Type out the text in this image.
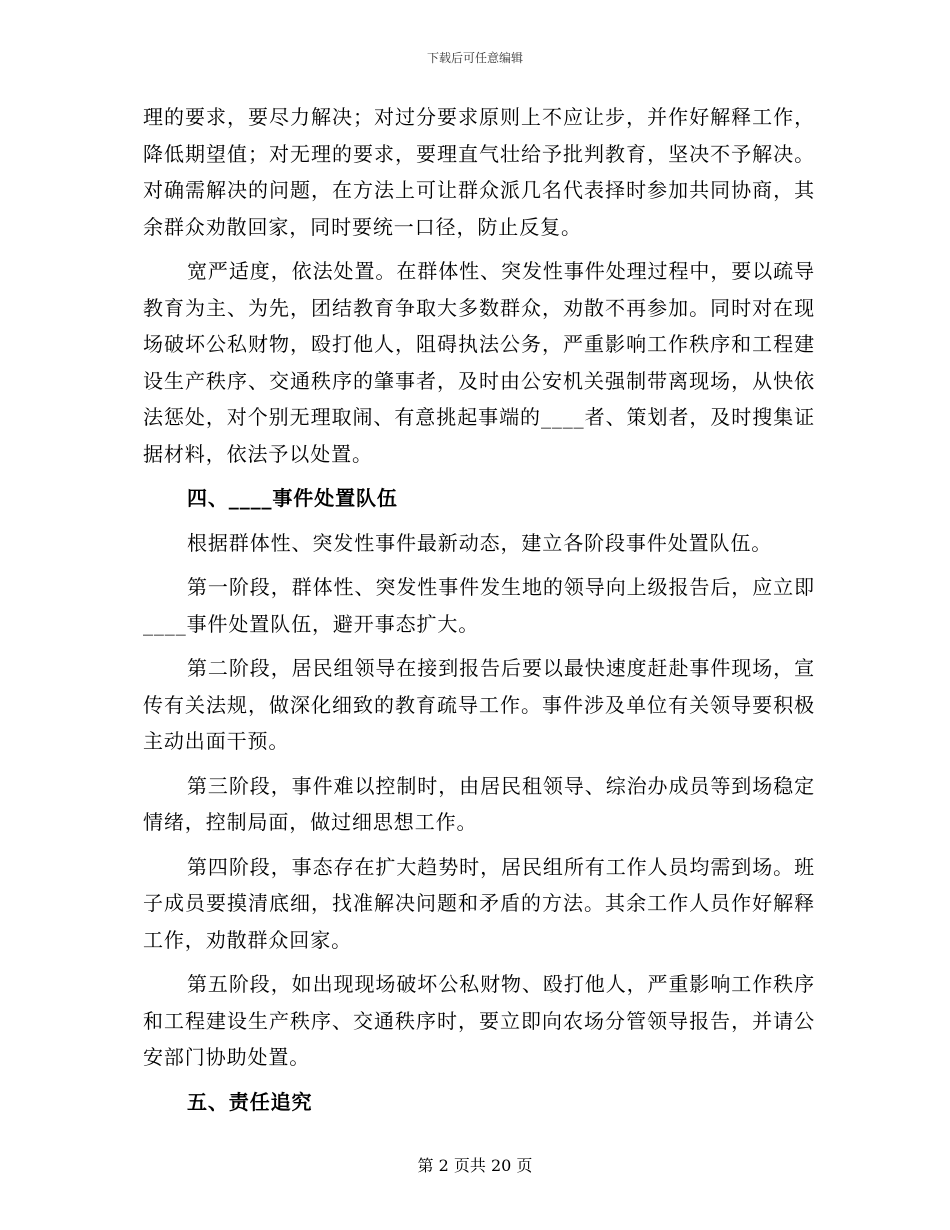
下载后可任意编辑

理的要求，要尽力解决；对过分要求原则上不应让步，并作好解释工作，降低期望值；对无理的要求，要理直气壮给予批判教育，坚决不予解决。对确需解决的问题，在方法上可让群众派几名代表择时参加共同协商，其余群众劝散回家，同时要统一口径，防止反复。

宽严适度，依法处置。在群体性、突发性事件处理过程中，要以疏导教育为主、为先，团结教育争取大多数群众，劝散不再参加。同时对在现场破坏公私财物，殴打他人，阻碍执法公务，严重影响工作秩序和工程建设生产秩序、交通秩序的肇事者，及时由公安机关强制带离现场，从快依法惩处，对个别无理取闹、有意挑起事端的____者、策划者，及时搜集证据材料，依法予以处置。

四、____事件处置队伍

根据群体性、突发性事件最新动态，建立各阶段事件处置队伍。

第一阶段，群体性、突发性事件发生地的领导向上级报告后，应立即____事件处置队伍，避开事态扩大。

第二阶段，居民组领导在接到报告后要以最快速度赶赴事件现场，宣传有关法规，做深化细致的教育疏导工作。事件涉及单位有关领导要积极主动出面干预。

第三阶段，事件难以控制时，由居民租领导、综治办成员等到场稳定情绪，控制局面，做过细思想工作。

第四阶段，事态存在扩大趋势时，居民组所有工作人员均需到场。班子成员要摸清底细，找准解决问题和矛盾的方法。其余工作人员作好解释工作，劝散群众回家。

第五阶段，如出现现场破坏公私财物、殴打他人，严重影响工作秩序和工程建设生产秩序、交通秩序时，要立即向农场分管领导报告，并请公安部门协助处置。

五、责任追究

第 2 页共 20 页
